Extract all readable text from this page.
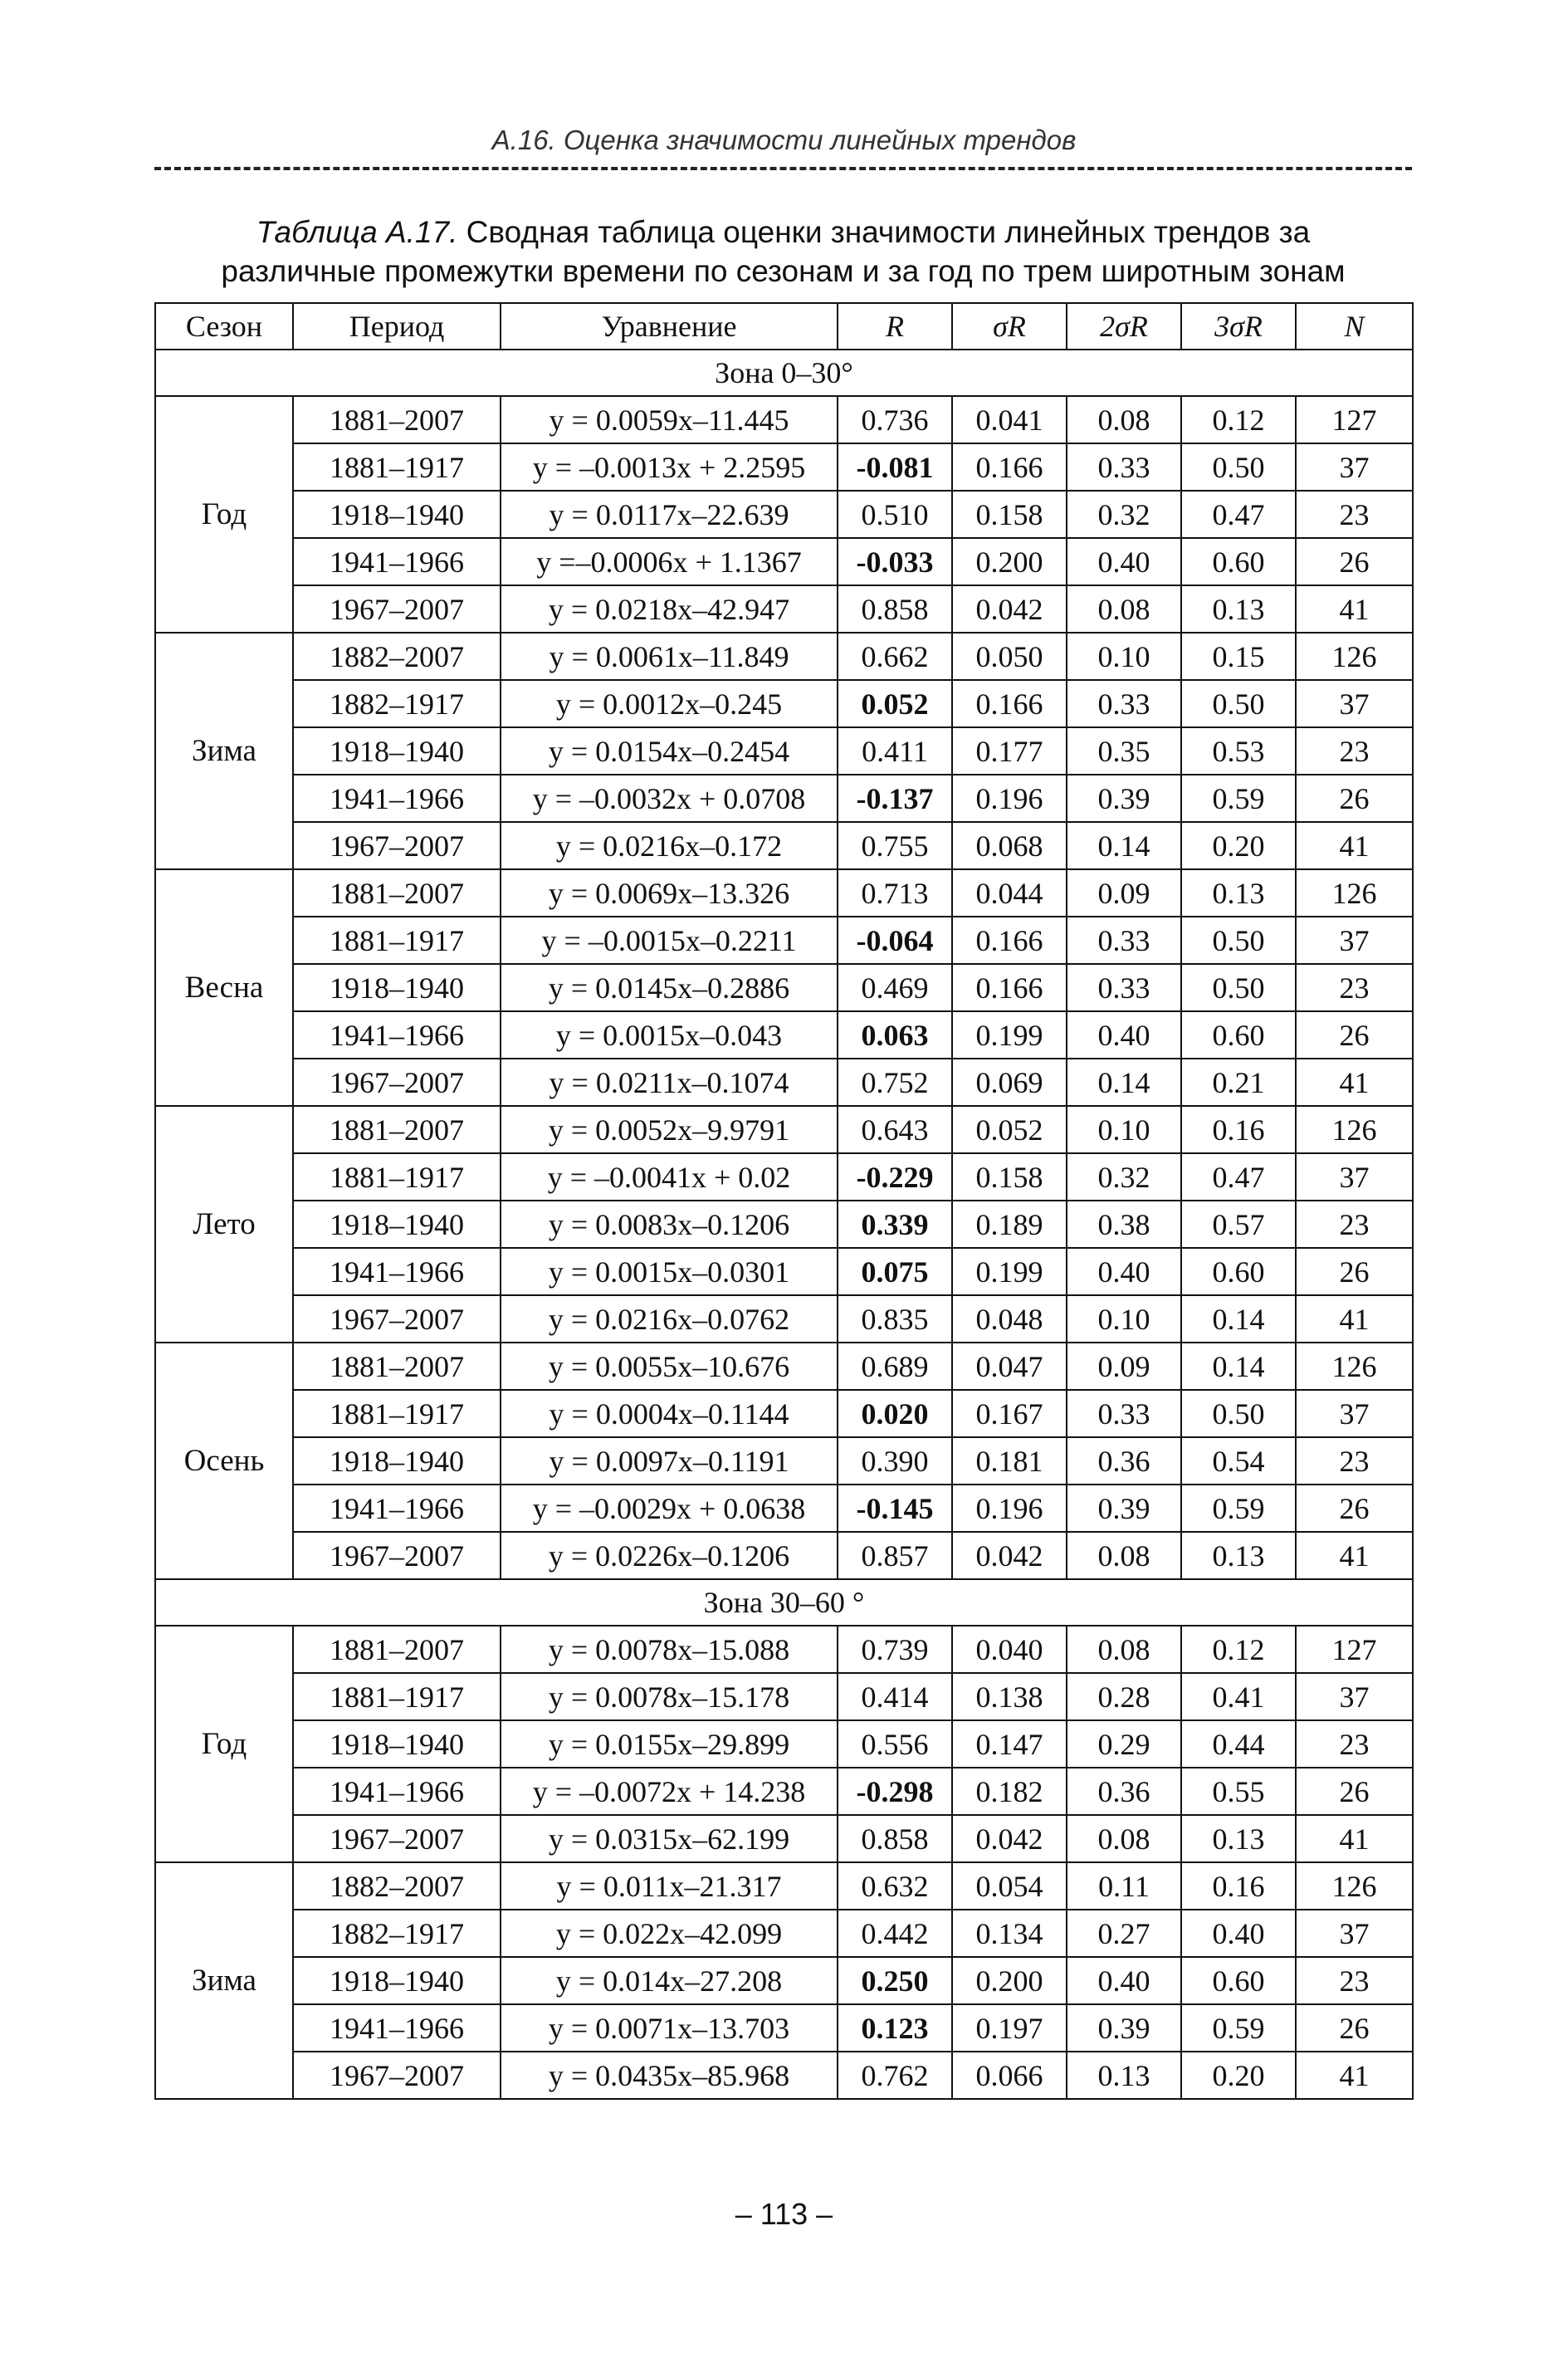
А.16. Оценка значимости линейных трендов
Таблица А.17. Сводная таблица оценки значимости линейных трендов за
различные промежутки времени по сезонам и за год по трем широтным зонам
Сезон	Период	Уравнение	R	σR	2σR	3σR	N
Зона 0–30°							
Год	1881–2007	y = 0.0059x–11.445	0.736	0.041	0.08	0.12	127
	1881–1917	y = –0.0013x + 2.2595	-0.081	0.166	0.33	0.50	37
	1918–1940	y = 0.0117x–22.639	0.510	0.158	0.32	0.47	23
	1941–1966	y =–0.0006x + 1.1367	-0.033	0.200	0.40	0.60	26
	1967–2007	y = 0.0218x–42.947	0.858	0.042	0.08	0.13	41
Зима	1882–2007	y = 0.0061x–11.849	0.662	0.050	0.10	0.15	126
	1882–1917	y = 0.0012x–0.245	0.052	0.166	0.33	0.50	37
	1918–1940	y = 0.0154x–0.2454	0.411	0.177	0.35	0.53	23
	1941–1966	y = –0.0032x + 0.0708	-0.137	0.196	0.39	0.59	26
	1967–2007	y = 0.0216x–0.172	0.755	0.068	0.14	0.20	41
Весна	1881–2007	y = 0.0069x–13.326	0.713	0.044	0.09	0.13	126
	1881–1917	y = –0.0015x–0.2211	-0.064	0.166	0.33	0.50	37
	1918–1940	y = 0.0145x–0.2886	0.469	0.166	0.33	0.50	23
	1941–1966	y = 0.0015x–0.043	0.063	0.199	0.40	0.60	26
	1967–2007	y = 0.0211x–0.1074	0.752	0.069	0.14	0.21	41
Лето	1881–2007	y = 0.0052x–9.9791	0.643	0.052	0.10	0.16	126
	1881–1917	y = –0.0041x + 0.02	-0.229	0.158	0.32	0.47	37
	1918–1940	y = 0.0083x–0.1206	0.339	0.189	0.38	0.57	23
	1941–1966	y = 0.0015x–0.0301	0.075	0.199	0.40	0.60	26
	1967–2007	y = 0.0216x–0.0762	0.835	0.048	0.10	0.14	41
Осень	1881–2007	y = 0.0055x–10.676	0.689	0.047	0.09	0.14	126
	1881–1917	y = 0.0004x–0.1144	0.020	0.167	0.33	0.50	37
	1918–1940	y = 0.0097x–0.1191	0.390	0.181	0.36	0.54	23
	1941–1966	y = –0.0029x + 0.0638	-0.145	0.196	0.39	0.59	26
	1967–2007	y = 0.0226x–0.1206	0.857	0.042	0.08	0.13	41
Зона 30–60 °							
Год	1881–2007	y = 0.0078x–15.088	0.739	0.040	0.08	0.12	127
	1881–1917	y = 0.0078x–15.178	0.414	0.138	0.28	0.41	37
	1918–1940	y = 0.0155x–29.899	0.556	0.147	0.29	0.44	23
	1941–1966	y = –0.0072x + 14.238	-0.298	0.182	0.36	0.55	26
	1967–2007	y = 0.0315x–62.199	0.858	0.042	0.08	0.13	41
Зима	1882–2007	y = 0.011x–21.317	0.632	0.054	0.11	0.16	126
	1882–1917	y = 0.022x–42.099	0.442	0.134	0.27	0.40	37
	1918–1940	y = 0.014x–27.208	0.250	0.200	0.40	0.60	23
	1941–1966	y = 0.0071x–13.703	0.123	0.197	0.39	0.59	26
	1967–2007	y = 0.0435x–85.968	0.762	0.066	0.13	0.20	41
– 113 –
